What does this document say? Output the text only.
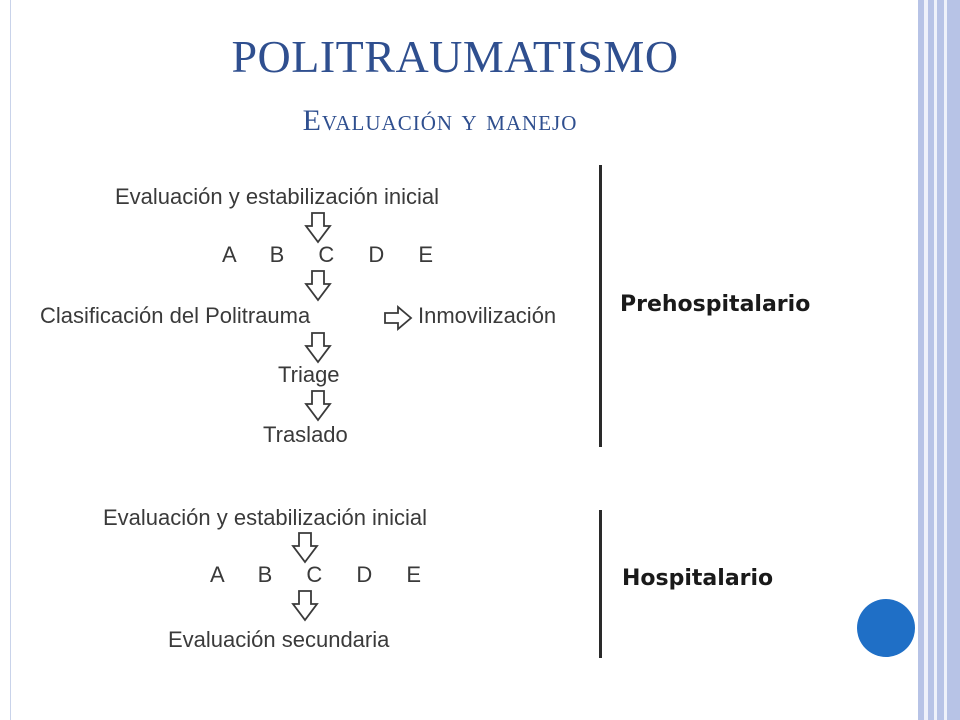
POLITRAUMATISMO
Evaluación y manejo
Evaluación y estabilización inicial
A B C D E
Clasificación del Politrauma	Inmovilización
Triage
Traslado
Prehospitalario
Evaluación y estabilización inicial
A B C D E
Evaluación secundaria
Hospitalario
